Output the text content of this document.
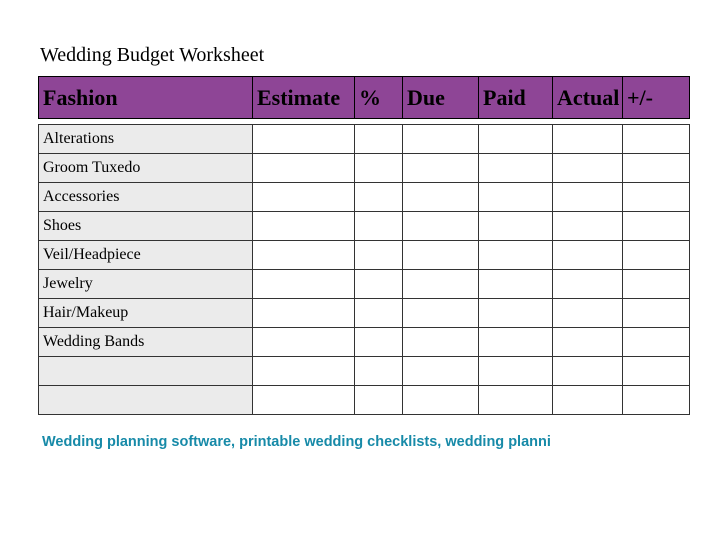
Wedding Budget Worksheet
Fashion	Estimate	%	Due	Paid	Actual	+/-
Alterations						
Groom Tuxedo						
Accessories						
Shoes						
Veil/Headpiece						
Jewelry						
Hair/Makeup						
Wedding Bands						

Wedding planning software, printable wedding checklists, wedding planni
